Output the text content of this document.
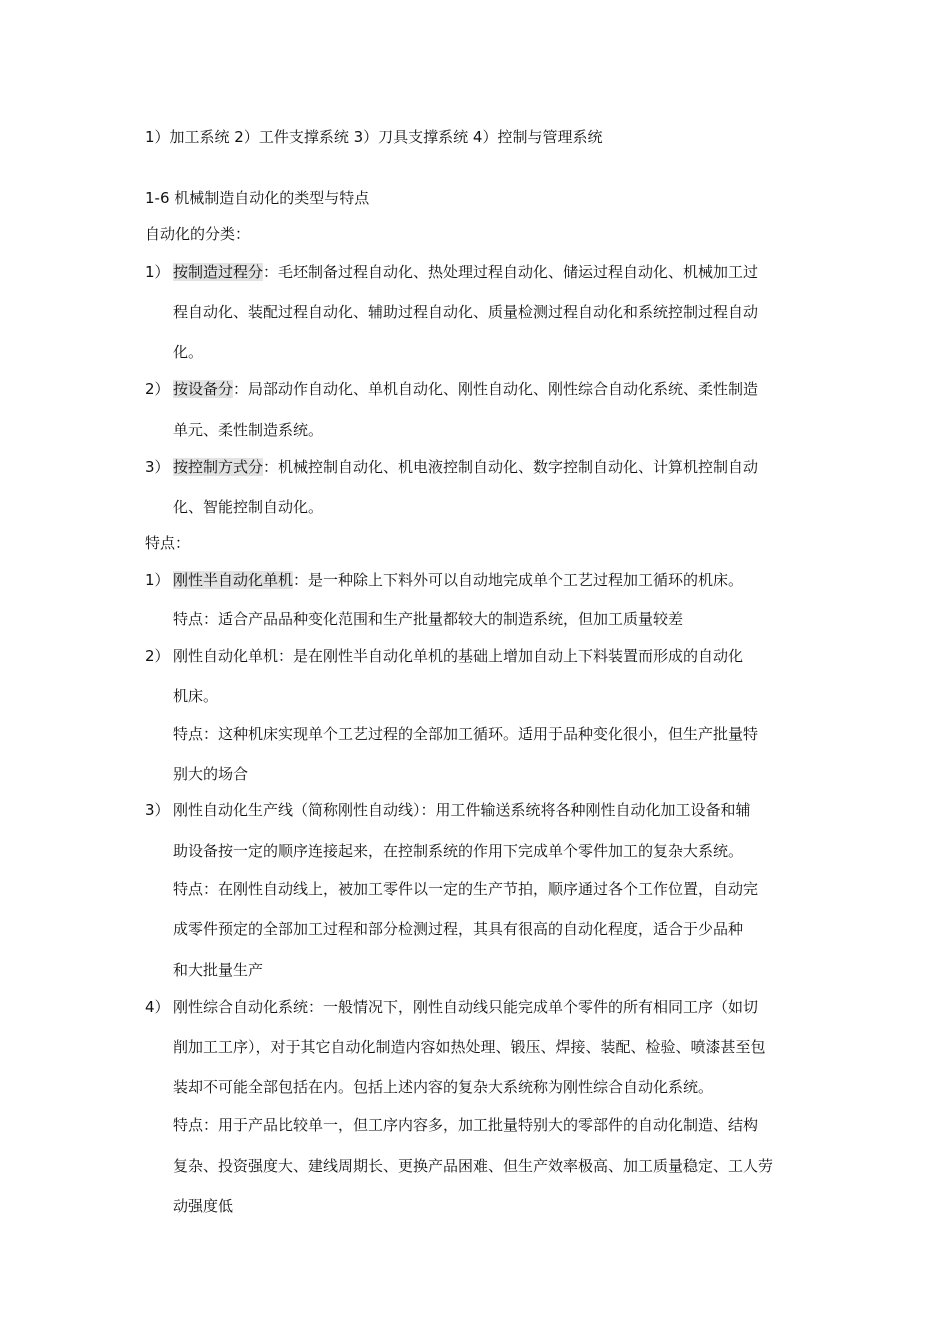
1）加工系统 2）工件支撑系统 3）刀具支撑系统 4）控制与管理系统
1-6 机械制造自动化的类型与特点
自动化的分类：
1） 按制造过程分：毛坯制备过程自动化、热处理过程自动化、储运过程自动化、机械加工过
程自动化、装配过程自动化、辅助过程自动化、质量检测过程自动化和系统控制过程自动
化。
2） 按设备分：局部动作自动化、单机自动化、刚性自动化、刚性综合自动化系统、柔性制造
单元、柔性制造系统。
3） 按控制方式分：机械控制自动化、机电液控制自动化、数字控制自动化、计算机控制自动
化、智能控制自动化。
特点：
1） 刚性半自动化单机：是一种除上下料外可以自动地完成单个工艺过程加工循环的机床。
特点：适合产品品种变化范围和生产批量都较大的制造系统，但加工质量较差
2） 刚性自动化单机：是在刚性半自动化单机的基础上增加自动上下料装置而形成的自动化
机床。
特点：这种机床实现单个工艺过程的全部加工循环。适用于品种变化很小，但生产批量特
别大的场合
3） 刚性自动化生产线（简称刚性自动线）：用工件输送系统将各种刚性自动化加工设备和辅
助设备按一定的顺序连接起来，在控制系统的作用下完成单个零件加工的复杂大系统。
特点：在刚性自动线上，被加工零件以一定的生产节拍，顺序通过各个工作位置，自动完
成零件预定的全部加工过程和部分检测过程，其具有很高的自动化程度，适合于少品种
和大批量生产
4） 刚性综合自动化系统：一般情况下，刚性自动线只能完成单个零件的所有相同工序（如切
削加工工序），对于其它自动化制造内容如热处理、锻压、焊接、装配、检验、喷漆甚至包
装却不可能全部包括在内。包括上述内容的复杂大系统称为刚性综合自动化系统。
特点：用于产品比较单一，但工序内容多，加工批量特别大的零部件的自动化制造、结构
复杂、投资强度大、建线周期长、更换产品困难、但生产效率极高、加工质量稳定、工人劳
动强度低
